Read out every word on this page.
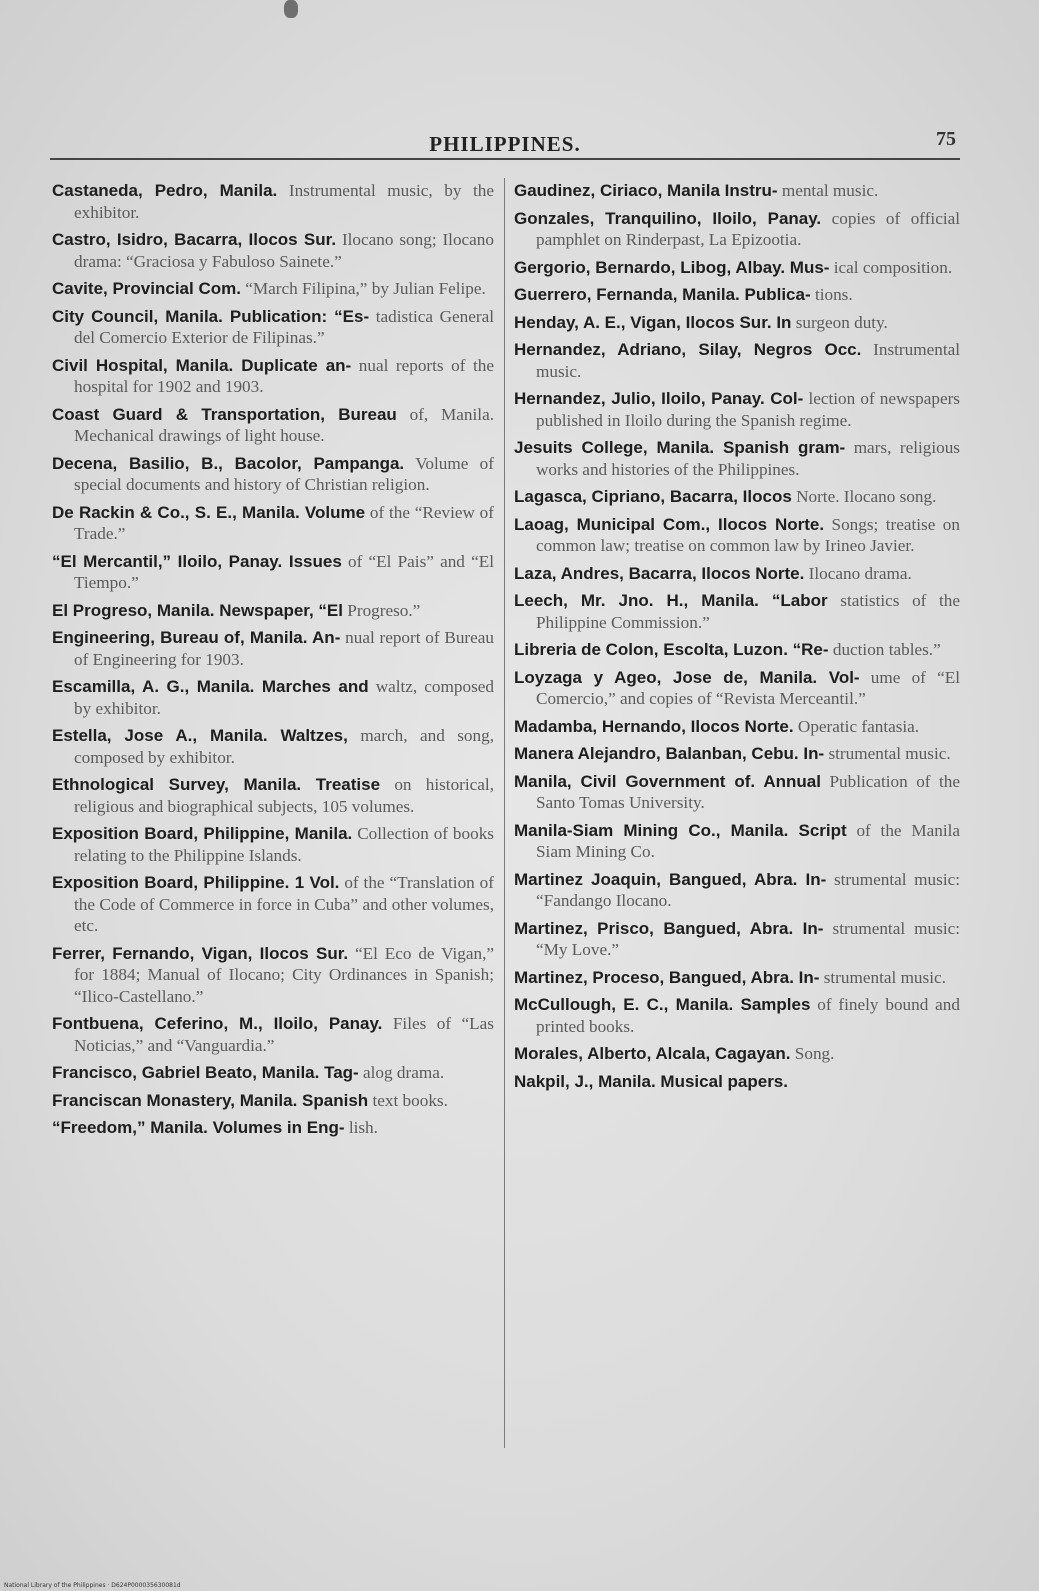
PHILIPPINES.	75

Castaneda, Pedro, Manila. Instrumental music, by the exhibitor.

Castro, Isidro, Bacarra, Ilocos Sur. Ilocano song; Ilocano drama: “Graciosa y Fabuloso Sainete.”

Cavite, Provincial Com. “March Filipina,” by Julian Felipe.

City Council, Manila. Publication: “Es- tadistica General del Comercio Exterior de Filipinas.”

Civil Hospital, Manila. Duplicate an- nual reports of the hospital for 1902 and 1903.

Coast Guard & Transportation, Bureau of, Manila. Mechanical drawings of light house.

Decena, Basilio, B., Bacolor, Pampanga. Volume of special documents and history of Christian religion.

De Rackin & Co., S. E., Manila. Volume of the “Review of Trade.”

“El Mercantil,” Iloilo, Panay. Issues of “El Pais” and “El Tiempo.”

El Progreso, Manila. Newspaper, “El Progreso.”

Engineering, Bureau of, Manila. An- nual report of Bureau of Engineering for 1903.

Escamilla, A. G., Manila. Marches and waltz, composed by exhibitor.

Estella, Jose A., Manila. Waltzes, march, and song, composed by exhibitor.

Ethnological Survey, Manila. Treatise on historical, religious and biographical subjects, 105 volumes.

Exposition Board, Philippine, Manila. Collection of books relating to the Philippine Islands.

Exposition Board, Philippine. 1 Vol. of the “Translation of the Code of Commerce in force in Cuba” and other volumes, etc.

Ferrer, Fernando, Vigan, Ilocos Sur. “El Eco de Vigan,” for 1884; Manual of Ilocano; City Ordinances in Spanish; “Ilico-Castellano.”

Fontbuena, Ceferino, M., Iloilo, Panay. Files of “Las Noticias,” and “Vanguardia.”

Francisco, Gabriel Beato, Manila. Tag- alog drama.

Franciscan Monastery, Manila. Spanish text books.

“Freedom,” Manila. Volumes in Eng- lish.

Gaudinez, Ciriaco, Manila Instru- mental music.

Gonzales, Tranquilino, Iloilo, Panay. copies of official pamphlet on Rinderpast, La Epizootia.

Gergorio, Bernardo, Libog, Albay. Mus- ical composition.

Guerrero, Fernanda, Manila. Publica- tions.

Henday, A. E., Vigan, Ilocos Sur. In surgeon duty.

Hernandez, Adriano, Silay, Negros Occ. Instrumental music.

Hernandez, Julio, Iloilo, Panay. Col- lection of newspapers published in Iloilo during the Spanish regime.

Jesuits College, Manila. Spanish gram- mars, religious works and histories of the Philippines.

Lagasca, Cipriano, Bacarra, Ilocos Norte. Ilocano song.

Laoag, Municipal Com., Ilocos Norte. Songs; treatise on common law; treatise on common law by Irineo Javier.

Laza, Andres, Bacarra, Ilocos Norte. Ilocano drama.

Leech, Mr. Jno. H., Manila. “Labor statistics of the Philippine Commission.”

Libreria de Colon, Escolta, Luzon. “Re- duction tables.”

Loyzaga y Ageo, Jose de, Manila. Vol- ume of “El Comercio,” and copies of “Revista Merceantil.”

Madamba, Hernando, Ilocos Norte. Operatic fantasia.

Manera Alejandro, Balanban, Cebu. In- strumental music.

Manila, Civil Government of. Annual Publication of the Santo Tomas University.

Manila-Siam Mining Co., Manila. Script of the Manila Siam Mining Co.

Martinez Joaquin, Bangued, Abra. In- strumental music: “Fandango Ilocano.

Martinez, Prisco, Bangued, Abra. In- strumental music: “My Love.”

Martinez, Proceso, Bangued, Abra. In- strumental music.

McCullough, E. C., Manila. Samples of finely bound and printed books.

Morales, Alberto, Alcala, Cagayan. Song.

Nakpil, J., Manila. Musical papers.

National Library of the Philippines · D624P000035630081d
